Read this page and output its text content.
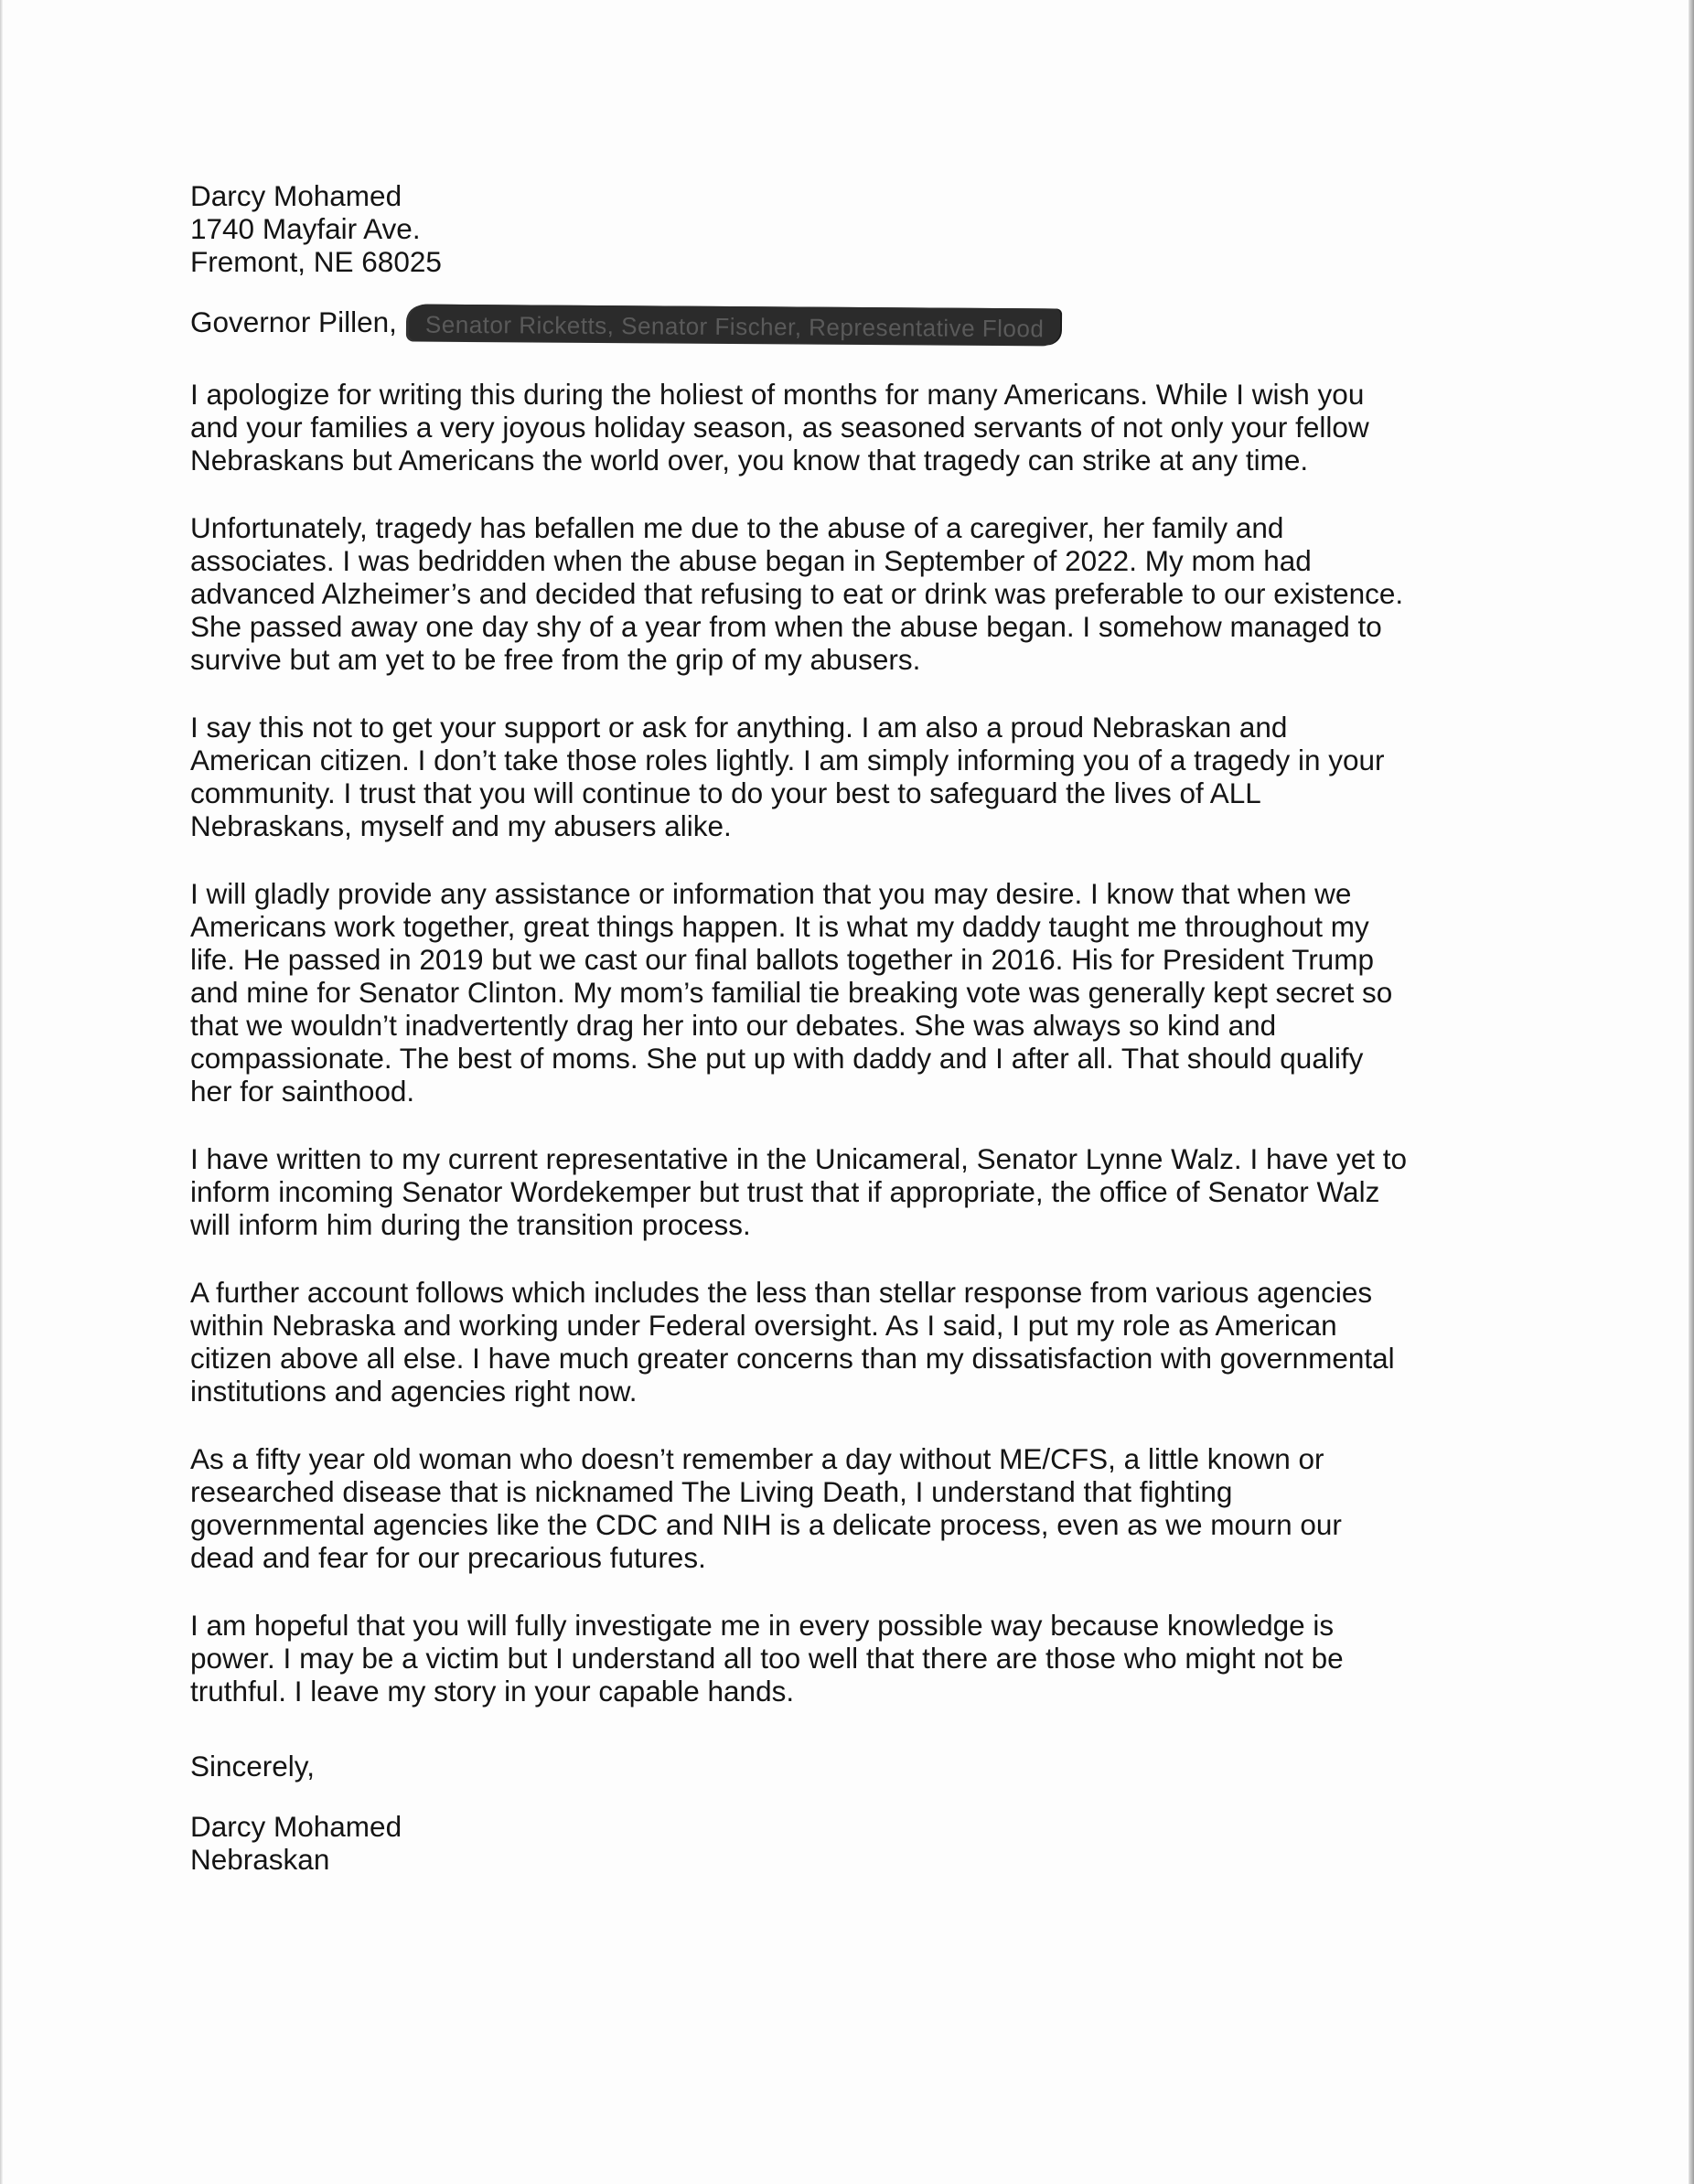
Darcy Mohamed
1740 Mayfair Ave.
Fremont, NE 68025
Governor Pillen, Senator Ricketts, Senator Fischer, Representative Flood
I apologize for writing this during the holiest of months for many Americans. While I wish you
and your families a very joyous holiday season, as seasoned servants of not only your fellow
Nebraskans but Americans the world over, you know that tragedy can strike at any time.
Unfortunately, tragedy has befallen me due to the abuse of a caregiver, her family and
associates. I was bedridden when the abuse began in September of 2022. My mom had
advanced Alzheimer’s and decided that refusing to eat or drink was preferable to our existence.
She passed away one day shy of a year from when the abuse began. I somehow managed to
survive but am yet to be free from the grip of my abusers.
I say this not to get your support or ask for anything. I am also a proud Nebraskan and
American citizen. I don’t take those roles lightly. I am simply informing you of a tragedy in your
community. I trust that you will continue to do your best to safeguard the lives of ALL
Nebraskans, myself and my abusers alike.
I will gladly provide any assistance or information that you may desire. I know that when we
Americans work together, great things happen. It is what my daddy taught me throughout my
life. He passed in 2019 but we cast our final ballots together in 2016. His for President Trump
and mine for Senator Clinton. My mom’s familial tie breaking vote was generally kept secret so
that we wouldn’t inadvertently drag her into our debates. She was always so kind and
compassionate. The best of moms. She put up with daddy and I after all. That should qualify
her for sainthood.
I have written to my current representative in the Unicameral, Senator Lynne Walz. I have yet to
inform incoming Senator Wordekemper but trust that if appropriate, the office of Senator Walz
will inform him during the transition process.
A further account follows which includes the less than stellar response from various agencies
within Nebraska and working under Federal oversight. As I said, I put my role as American
citizen above all else. I have much greater concerns than my dissatisfaction with governmental
institutions and agencies right now.
As a fifty year old woman who doesn’t remember a day without ME/CFS, a little known or
researched disease that is nicknamed The Living Death, I understand that fighting
governmental agencies like the CDC and NIH is a delicate process, even as we mourn our
dead and fear for our precarious futures.
I am hopeful that you will fully investigate me in every possible way because knowledge is
power. I may be a victim but I understand all too well that there are those who might not be
truthful. I leave my story in your capable hands.
Sincerely,
Darcy Mohamed
Nebraskan
